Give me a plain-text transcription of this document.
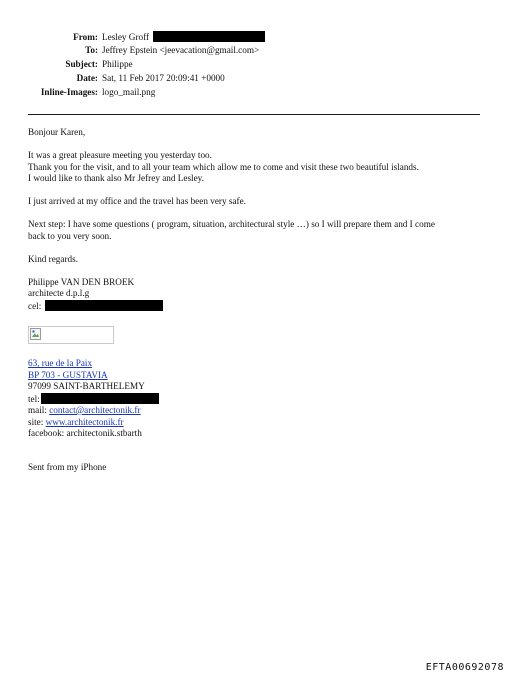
From: Lesley Groff
To: Jeffrey Epstein <jeevacation@gmail.com>
Subject: Philippe
Date: Sat, 11 Feb 2017 20:09:41 +0000
Inline-Images: logo_mail.png

Bonjour Karen,

It was a great pleasure meeting you yesterday too.
Thank you for the visit, and to all your team which allow me to come and visit these two beautiful islands.
I would like to thank also Mr Jefrey and Lesley.

I just arrived at my office and the travel has been very safe.

Next step: I have some questions ( program, situation, architectural style …) so I will prepare them and I come
back to you very soon.

Kind regards.

Philippe VAN DEN BROEK
architecte d.p.l.g
cel:
63, rue de la Paix
BP 703 - GUSTAVIA
97099 SAINT-BARTHELEMY
tel:
mail: contact@architectonik.fr
site: www.architectonik.fr
facebook: architectonik.stbarth

Sent from my iPhone

EFTA00692078
